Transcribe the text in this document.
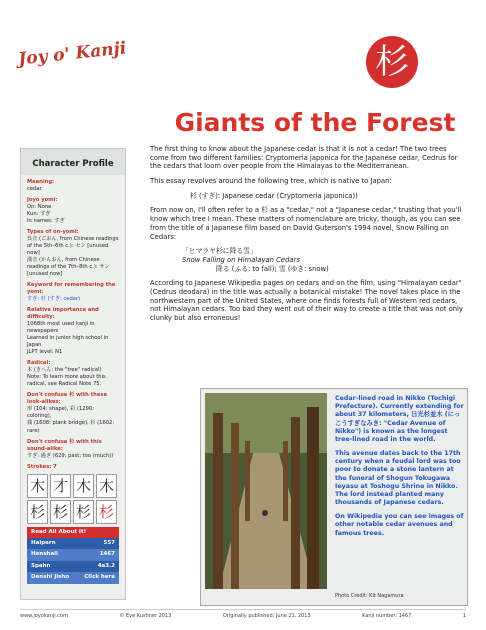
Joy o' Kanji	杉
Giants of the Forest
Character Profile
Meaning:
cedar
Joyo yomi:
On: None
Kun: すぎ
In names: すぎ
Types of on-yomi:
呉音 (ごおん, from Chinese readings of the 5th–6th c.): セン [unused now]
漢音 (かんおん, from Chinese readings of the 7th–8th c.): サン [unused now]
Keyword for remembering the yomi:
すぎ: 杉 (すぎ: cedar)
Relative importance and difficulty:
1068th most used kanji in newspapers
Learned in junior high school in Japan
JLPT level: N1
Radical:
木 (きへん: the "tree" radical)
Note: To learn more about this radical, see Radical Note 75.
Don't confuse 杉 with these look-alikes:
形 (104: shape), 彩 (1290: coloring),
桟 (1608: plank bridge), 杉 (1602: rare)
Don't confuse 杉 with this sound-alike:
すぎ: 過ぎ (629: past; too (much))
Strokes: 7
木 才 木 木
杉 杉 杉 杉
Read All About It!
Halpern	557
Henshall	1467
Spahn	4a3.2
Denshi Jisho	Click here

The first thing to know about the Japanese cedar is that it is not a cedar! The two trees come from two different families: Cryptomeria japonica for the Japanese cedar, Cedrus for the cedars that loom over people from the Himalayas to the Mediterranean.

This essay revolves around the following tree, which is native to Japan:

杉 (すぎ): Japanese cedar (Cryptomeria japonica))

From now on, I'll often refer to a 杉 as a "cedar," not a "Japanese cedar," trusting that you'll know which tree I mean. These matters of nomenclature are tricky, though, as you can see from the title of a Japanese film based on David Guterson's 1994 novel, Snow Falling on Cedars:

「ヒマラヤ杉に降る雪」
Snow Falling on Himalayan Cedars
降る (ふる: to fall); 雪 (ゆき: snow)

According to Japanese Wikipedia pages on cedars and on the film, using "Himalayan cedar" (Cedrus deodara) in the title was actually a botanical mistake! The novel takes place in the northwestern part of the United States, where one finds forests full of Western red cedars, not Himalayan cedars. Too bad they went out of their way to create a title that was not only clunky but also erroneous!

Cedar-lined road in Nikko (Tochigi Prefecture). Currently extending for about 37 kilometers, 日光杉並木 (にっこうすぎなみき: "Cedar Avenue of Nikko") is known as the longest tree-lined road in the world.
This avenue dates back to the 17th century when a feudal lord was too poor to donate a stone lantern at the funeral of Shogun Tokugawa Ieyasu at Toshogu Shrine in Nikko. The lord instead planted many thousands of Japanese cedars.
On Wikipedia you can see images of other notable cedar avenues and famous trees.
Photo Credit: Kit Nagamura
www.joyokanji.com	© Eve Kushner 2013	Originally published: June 21, 2013	Kanji number: 1467	1
